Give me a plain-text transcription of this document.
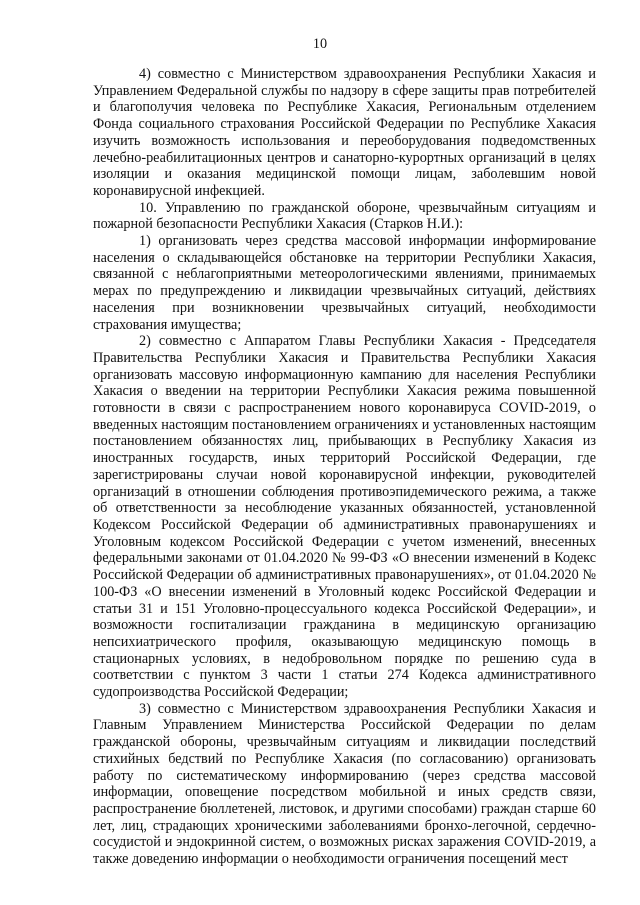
10

4) совместно с Министерством здравоохранения Республики Хакасия и Управлением Федеральной службы по надзору в сфере защиты прав потребителей и благополучия человека по Республике Хакасия, Региональным отделением Фонда социального страхования Российской Федерации по Республике Хакасия изучить возможность использования и переоборудования подведомственных лечебно-реабилитационных центров и санаторно-курортных организаций в целях изоляции и оказания медицинской помощи лицам, заболевшим новой коронавирусной инфекцией.

10. Управлению по гражданской обороне, чрезвычайным ситуациям и пожарной безопасности Республики Хакасия (Старков Н.И.):

1) организовать через средства массовой информации информирование населения о складывающейся обстановке на территории Республики Хакасия, связанной с неблагоприятными метеорологическими явлениями, принимаемых мерах по предупреждению и ликвидации чрезвычайных ситуаций, действиях населения при возникновении чрезвычайных ситуаций, необходимости страхования имущества;

2) совместно с Аппаратом Главы Республики Хакасия - Председателя Правительства Республики Хакасия и Правительства Республики Хакасия организовать массовую информационную кампанию для населения Республики Хакасия о введении на территории Республики Хакасия режима повышенной готовности в связи с распространением нового коронавируса COVID-2019, о введенных настоящим постановлением ограничениях и установленных настоящим постановлением обязанностях лиц, прибывающих в Республику Хакасия из иностранных государств, иных территорий Российской Федерации, где зарегистрированы случаи новой коронавирусной инфекции, руководителей организаций в отношении соблюдения противоэпидемического режима, а также об ответственности за несоблюдение указанных обязанностей, установленной Кодексом Российской Федерации об административных правонарушениях и Уголовным кодексом Российской Федерации с учетом изменений, внесенных федеральными законами от 01.04.2020 № 99-ФЗ «О внесении изменений в Кодекс Российской Федерации об административных правонарушениях», от 01.04.2020 № 100-ФЗ «О внесении изменений в Уголовный кодекс Российской Федерации и статьи 31 и 151 Уголовно-процессуального кодекса Российской Федерации», и возможности госпитализации гражданина в медицинскую организацию непсихиатрического профиля, оказывающую медицинскую помощь в стационарных условиях, в недобровольном порядке по решению суда в соответствии с пунктом 3 части 1 статьи 274 Кодекса административного судопроизводства Российской Федерации;

3) совместно с Министерством здравоохранения Республики Хакасия и Главным Управлением Министерства Российской Федерации по делам гражданской обороны, чрезвычайным ситуациям и ликвидации последствий стихийных бедствий по Республике Хакасия (по согласованию) организовать работу по систематическому информированию (через средства массовой информации, оповещение посредством мобильной и иных средств связи, распространение бюллетеней, листовок, и другими способами) граждан старше 60 лет, лиц, страдающих хроническими заболеваниями бронхо-легочной, сердечно-сосудистой и эндокринной систем, о возможных рисках заражения COVID-2019, а также доведению информации о необходимости ограничения посещений мест
